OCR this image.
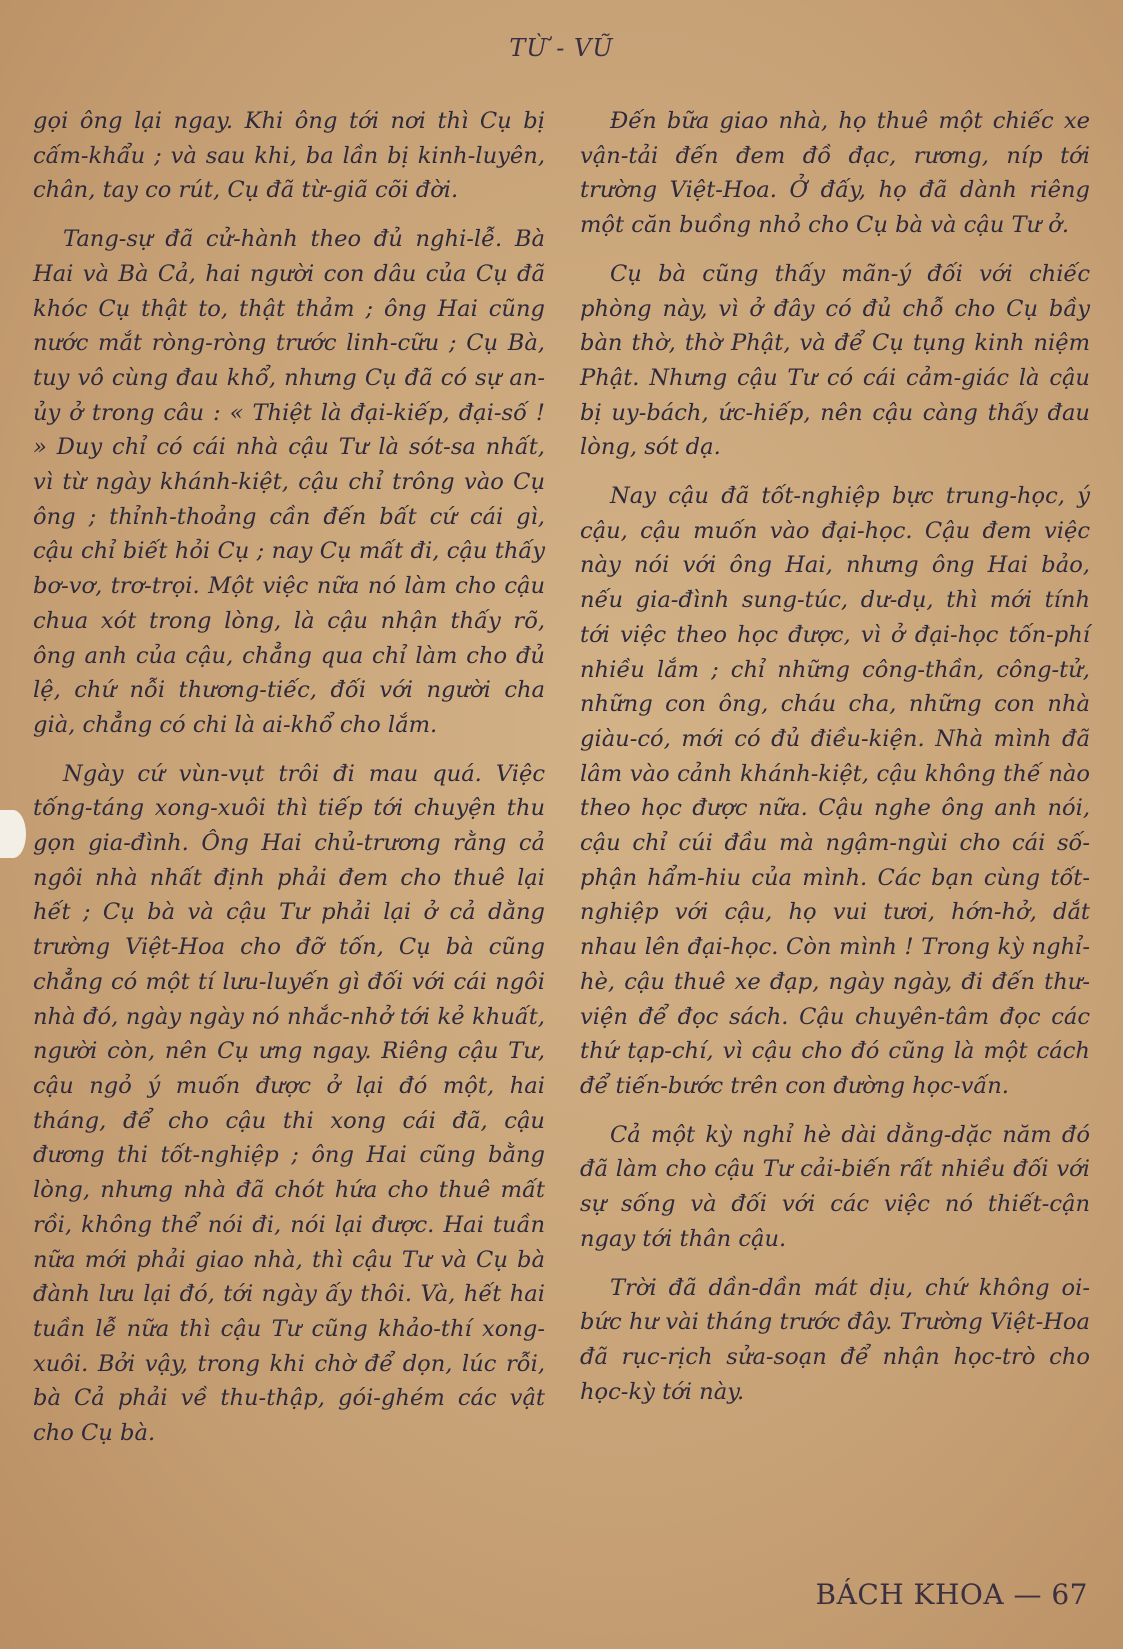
TỪ - VŨ

gọi ông lại ngay. Khi ông tới nơi thì Cụ bị cấm-khẩu ; và sau khi, ba lần bị kinh-luyên, chân, tay co rút, Cụ đã từ-giã cõi đời.

Tang-sự đã cử-hành theo đủ nghi-lễ. Bà Hai và Bà Cả, hai người con dâu của Cụ đã khóc Cụ thật to, thật thảm ; ông Hai cũng nước mắt ròng-ròng trước linh-cữu ; Cụ Bà, tuy vô cùng đau khổ, nhưng Cụ đã có sự an-ủy ở trong câu : « Thiệt là đại-kiếp, đại-số ! » Duy chỉ có cái nhà cậu Tư là sót-sa nhất, vì từ ngày khánh-kiệt, cậu chỉ trông vào Cụ ông ; thỉnh-thoảng cần đến bất cứ cái gì, cậu chỉ biết hỏi Cụ ; nay Cụ mất đi, cậu thấy bơ-vơ, trơ-trọi. Một việc nữa nó làm cho cậu chua xót trong lòng, là cậu nhận thấy rõ, ông anh của cậu, chẳng qua chỉ làm cho đủ lệ, chứ nỗi thương-tiếc, đối với người cha già, chẳng có chi là ai-khổ cho lắm.

Ngày cứ vùn-vụt trôi đi mau quá. Việc tống-táng xong-xuôi thì tiếp tới chuyện thu gọn gia-đình. Ông Hai chủ-trương rằng cả ngôi nhà nhất định phải đem cho thuê lại hết ; Cụ bà và cậu Tư phải lại ở cả dằng trường Việt-Hoa cho đỡ tốn, Cụ bà cũng chẳng có một tí lưu-luyến gì đối với cái ngôi nhà đó, ngày ngày nó nhắc-nhở tới kẻ khuất, người còn, nên Cụ ưng ngay. Riêng cậu Tư, cậu ngỏ ý muốn được ở lại đó một, hai tháng, để cho cậu thi xong cái đã, cậu đương thi tốt-nghiệp ; ông Hai cũng bằng lòng, nhưng nhà đã chót hứa cho thuê mất rồi, không thể nói đi, nói lại được. Hai tuần nữa mới phải giao nhà, thì cậu Tư và Cụ bà đành lưu lại đó, tới ngày ấy thôi. Và, hết hai tuần lễ nữa thì cậu Tư cũng khảo-thí xong-xuôi. Bởi vậy, trong khi chờ để dọn, lúc rỗi, bà Cả phải về thu-thập, gói-ghém các vật cho Cụ bà.

Đến bữa giao nhà, họ thuê một chiếc xe vận-tải đến đem đồ đạc, rương, níp tới trường Việt-Hoa. Ở đấy, họ đã dành riêng một căn buồng nhỏ cho Cụ bà và cậu Tư ở.

Cụ bà cũng thấy mãn-ý đối với chiếc phòng này, vì ở đây có đủ chỗ cho Cụ bầy bàn thờ, thờ Phật, và để Cụ tụng kinh niệm Phật. Nhưng cậu Tư có cái cảm-giác là cậu bị uy-bách, ức-hiếp, nên cậu càng thấy đau lòng, sót dạ.

Nay cậu đã tốt-nghiệp bực trung-học, ý cậu, cậu muốn vào đại-học. Cậu đem việc này nói với ông Hai, nhưng ông Hai bảo, nếu gia-đình sung-túc, dư-dụ, thì mới tính tới việc theo học được, vì ở đại-học tốn-phí nhiều lắm ; chỉ những công-thần, công-tử, những con ông, cháu cha, những con nhà giàu-có, mới có đủ điều-kiện. Nhà mình đã lâm vào cảnh khánh-kiệt, cậu không thế nào theo học được nữa. Cậu nghe ông anh nói, cậu chỉ cúi đầu mà ngậm-ngùi cho cái số-phận hẩm-hiu của mình. Các bạn cùng tốt-nghiệp với cậu, họ vui tươi, hớn-hở, dắt nhau lên đại-học. Còn mình ! Trong kỳ nghỉ-hè, cậu thuê xe đạp, ngày ngày, đi đến thư-viện để đọc sách. Cậu chuyên-tâm đọc các thứ tạp-chí, vì cậu cho đó cũng là một cách để tiến-bước trên con đường học-vấn.

Cả một kỳ nghỉ hè dài dằng-dặc năm đó đã làm cho cậu Tư cải-biến rất nhiều đối với sự sống và đối với các việc nó thiết-cận ngay tới thân cậu.

Trời đã dần-dần mát dịu, chứ không oi-bức hư vài tháng trước đây. Trường Việt-Hoa đã rục-rịch sửa-soạn để nhận học-trò cho học-kỳ tới này.

BÁCH KHOA — 67
